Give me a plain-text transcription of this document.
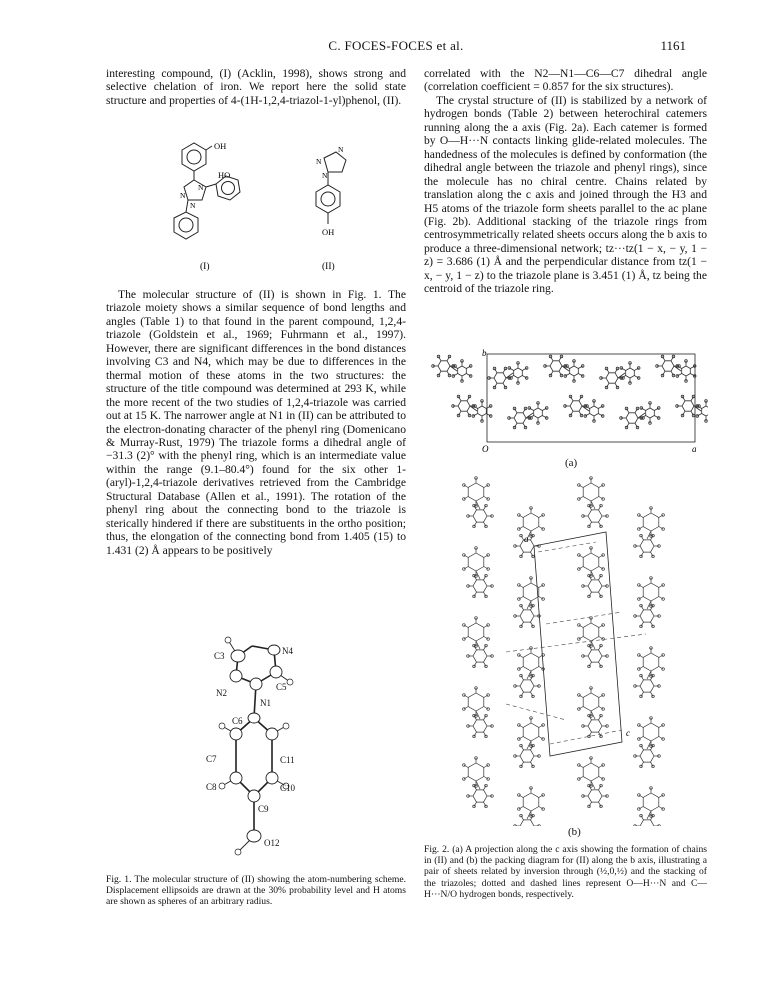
C. FOCES-FOCES et al.	1161

interesting compound, (I) (Acklin, 1998), shows strong and selective chelation of iron. We report here the solid state structure and properties of 4-(1H-1,2,4-triazol-1-yl)phenol, (II).

OH
HO
N
N
N
N
N
N
OH
(I)	(II)

The molecular structure of (II) is shown in Fig. 1. The triazole moiety shows a similar sequence of bond lengths and angles (Table 1) to that found in the parent compound, 1,2,4-triazole (Goldstein et al., 1969; Fuhrmann et al., 1997). However, there are significant differences in the bond distances involving C3 and N4, which may be due to differences in the thermal motion of these atoms in the two structures: the structure of the title compound was determined at 293 K, while the more recent of the two studies of 1,2,4-triazole was carried out at 15 K. The narrower angle at N1 in (II) can be attributed to the electron-donating character of the phenyl ring (Domenicano & Murray-Rust, 1979) The triazole forms a dihedral angle of −31.3 (2)° with the phenyl ring, which is an intermediate value within the range (9.1–80.4°) found for the six other 1-(aryl)-1,2,4-triazole derivatives retrieved from the Cambridge Structural Database (Allen et al., 1991). The rotation of the phenyl ring about the connecting bond to the triazole is sterically hindered if there are substituents in the ortho position; thus, the elongation of the connecting bond from 1.405 (15) to 1.431 (2) Å appears to be positively

correlated with the N2—N1—C6—C7 dihedral angle (correlation coefficient = 0.857 for the six structures).

The crystal structure of (II) is stabilized by a network of hydrogen bonds (Table 2) between heterochiral catemers running along the a axis (Fig. 2a). Each catemer is formed by O—H···N contacts linking glide-related molecules. The handedness of the molecules is defined by conformation (the dihedral angle between the triazole and phenyl rings), since the molecule has no chiral centre. Chains related by translation along the c axis and joined through the H3 and H5 atoms of the triazole form sheets parallel to the ac plane (Fig. 2b). Additional stacking of the triazole rings from centrosymmetrically related sheets occurs along the b axis to produce a three-dimensional network; tz···tz(1 − x, − y, 1 − z) = 3.686 (1) Å and the perpendicular distance from tz(1 − x, − y, 1 − z) to the triazole plane is 3.451 (1) Å, tz being the centroid of the triazole ring.

C3	N4
N2
C5
N1
C6
C7	C11
C8	C10
C9
O12
Fig. 1. The molecular structure of (II) showing the atom-numbering scheme. Displacement ellipsoids are drawn at the 30% probability level and H atoms are shown as spheres of an arbitrary radius.
b
O	a
(a)
a
c
(b)
Fig. 2. (a) A projection along the c axis showing the formation of chains in (II) and (b) the packing diagram for (II) along the b axis, illustrating a pair of sheets related by inversion through (½,0,½) and the stacking of the triazoles; dotted and dashed lines represent O—H···N and C—H···N/O hydrogen bonds, respectively.
